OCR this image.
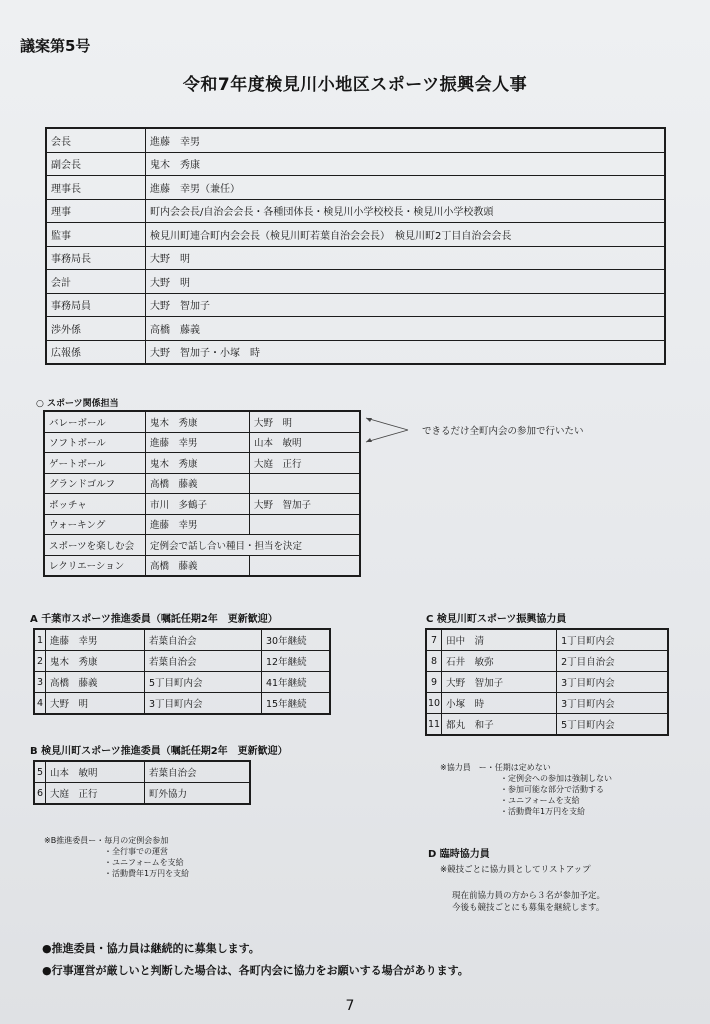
議案第5号
令和7年度検見川小地区スポーツ振興会人事
会長	進藤　幸男
副会長	鬼木　秀康
理事長	進藤　幸男（兼任）
理事	町内会会長/自治会会長・各種団体長・検見川小学校校長・検見川小学校教頭
監事	検見川町連合町内会会長（検見川町若葉自治会会長）　検見川町2丁目自治会会長
事務局長	大野　明
会計	大野　明
事務局員	大野　智加子
渉外係	高橋　藤義
広報係	大野　智加子・小塚　時
○ スポーツ関係担当
バレーボール	鬼木　秀康	大野　明
ソフトボール	進藤　幸男	山本　敏明
ゲートボール	鬼木　秀康	大庭　正行
グランドゴルフ	高橋　藤義	
ボッチャ	市川　多鶴子	大野　智加子
ウォーキング	進藤　幸男	
スポーツを楽しむ会	定例会で話し合い種目・担当を決定	
レクリエーション	高橋　藤義	
できるだけ全町内会の参加で行いたい
A 千葉市スポーツ推進委員（嘱託任期2年　更新歓迎）
1	進藤　幸男	若葉自治会	30年継続
2	鬼木　秀康	若葉自治会	12年継続
3	高橋　藤義	5丁目町内会	41年継続
4	大野　明	3丁目町内会	15年継続
B 検見川町スポーツ推進委員（嘱託任期2年　更新歓迎）
5	山本　敏明	若葉自治会
6	大庭　正行	町外協力
※B推進委員ー・毎月の定例会参加
・全行事での運営
・ユニフォームを支給
・活動費年1万円を支給
C 検見川町スポーツ振興協力員
7	田中　清	1丁目町内会
8	石井　敏弥	2丁目自治会
9	大野　智加子	3丁目町内会
10	小塚　時	3丁目町内会
11	都丸　和子	5丁目町内会
※協力員　ー・任期は定めない
・定例会への参加は強制しない
・参加可能な部分で活動する
・ユニフォームを支給
・活動費年1万円を支給
D 臨時協力員
※競技ごとに協力員としてリストアップ
現在前協力員の方から３名が参加予定。
今後も競技ごとにも募集を継続します。
●推進委員・協力員は継続的に募集します。
●行事運営が厳しいと判断した場合は、各町内会に協力をお願いする場合があります。
7
